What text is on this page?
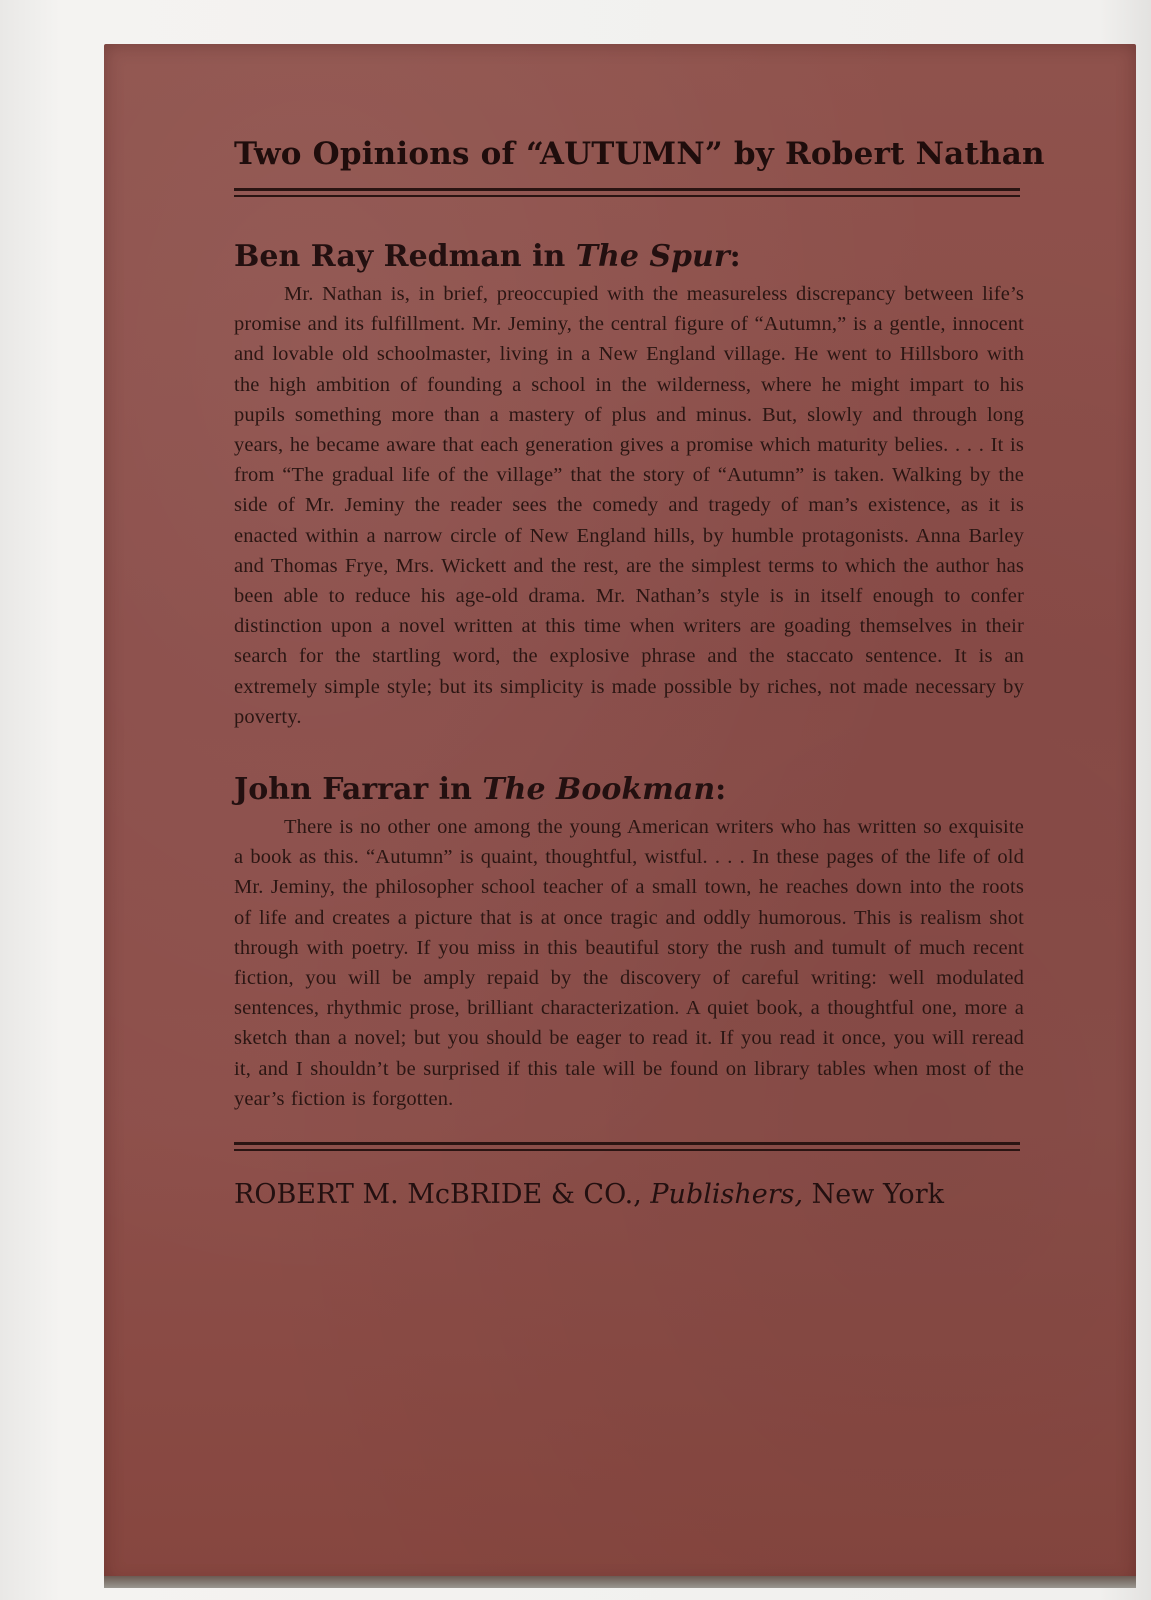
Two Opinions of “AUTUMN” by Robert Nathan
Ben Ray Redman in The Spur:

Mr. Nathan is, in brief, preoccupied with the measureless discrepancy between life’s promise and its fulfillment. Mr. Jeminy, the central figure of “Autumn,” is a gentle, innocent and lovable old schoolmaster, living in a New England village. He went to Hillsboro with the high ambition of founding a school in the wilderness, where he might impart to his pupils something more than a mastery of plus and minus. But, slowly and through long years, he became aware that each generation gives a promise which maturity belies. . . . It is from “The gradual life of the village” that the story of “Autumn” is taken. Walking by the side of Mr. Jeminy the reader sees the comedy and tragedy of man’s existence, as it is enacted within a narrow circle of New England hills, by humble protagonists. Anna Barley and Thomas Frye, Mrs. Wickett and the rest, are the simplest terms to which the author has been able to reduce his age-old drama. Mr. Nathan’s style is in itself enough to confer distinction upon a novel written at this time when writers are goading themselves in their search for the startling word, the explosive phrase and the staccato sentence. It is an extremely simple style; but its simplicity is made possible by riches, not made necessary by poverty.

John Farrar in The Bookman:

There is no other one among the young American writers who has written so exquisite a book as this. “Autumn” is quaint, thoughtful, wistful. . . . In these pages of the life of old Mr. Jeminy, the philosopher school teacher of a small town, he reaches down into the roots of life and creates a picture that is at once tragic and oddly humorous. This is realism shot through with poetry. If you miss in this beautiful story the rush and tumult of much recent fiction, you will be amply repaid by the discovery of careful writing: well modulated sentences, rhythmic prose, brilliant characterization. A quiet book, a thoughtful one, more a sketch than a novel; but you should be eager to read it. If you read it once, you will reread it, and I shouldn’t be surprised if this tale will be found on library tables when most of the year’s fiction is forgotten.

ROBERT M. McBRIDE & CO., Publishers, New York
